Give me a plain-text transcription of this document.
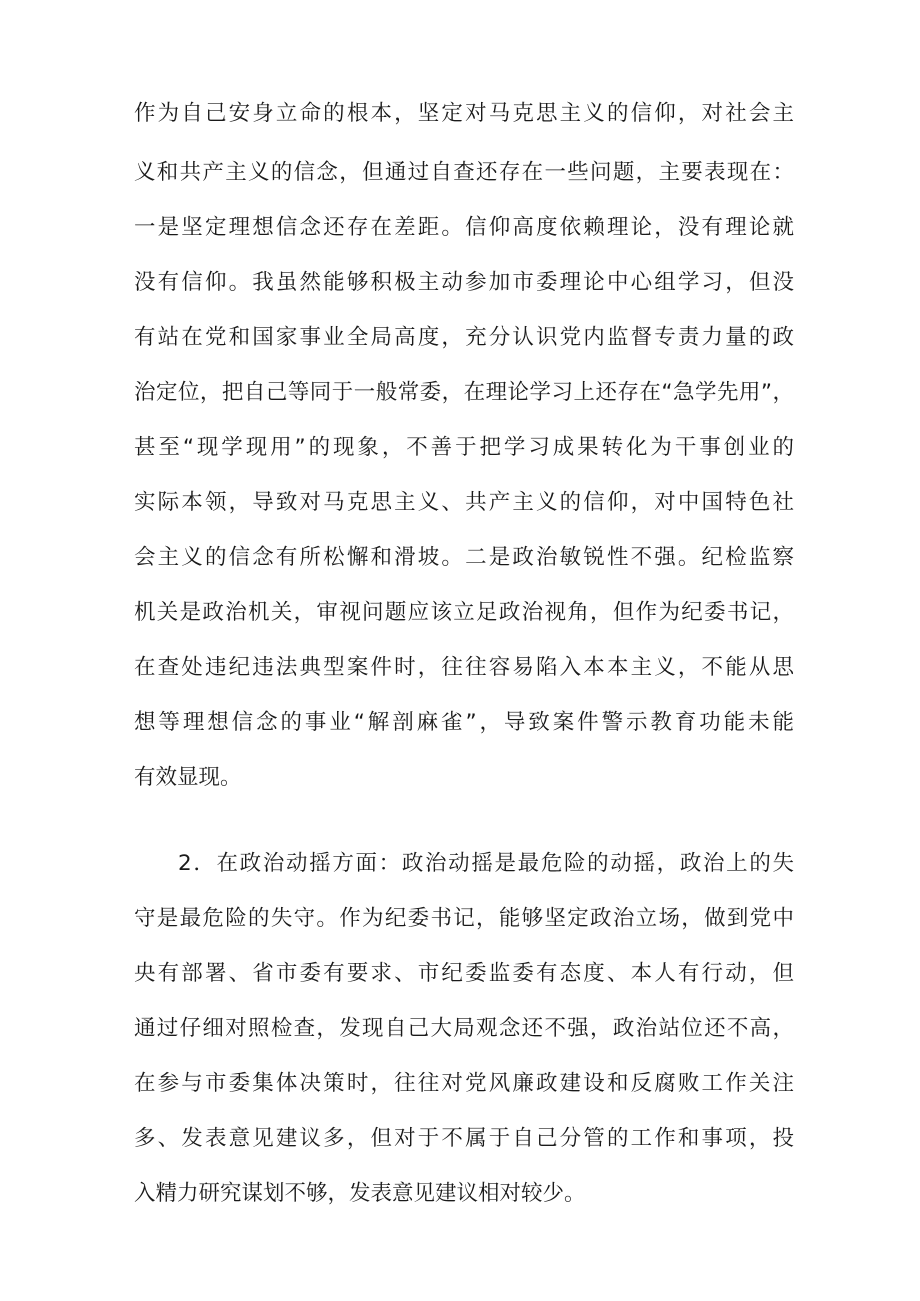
作为自己安身立命的根本，坚定对马克思主义的信仰，对社会主
义和共产主义的信念，但通过自查还存在一些问题，主要表现在：
一是坚定理想信念还存在差距。信仰高度依赖理论，没有理论就
没有信仰。我虽然能够积极主动参加市委理论中心组学习，但没
有站在党和国家事业全局高度，充分认识党内监督专责力量的政
治定位，把自己等同于一般常委，在理论学习上还存在“急学先用”，
甚至“现学现用”的现象，不善于把学习成果转化为干事创业的
实际本领，导致对马克思主义、共产主义的信仰，对中国特色社
会主义的信念有所松懈和滑坡。二是政治敏锐性不强。纪检监察
机关是政治机关，审视问题应该立足政治视角，但作为纪委书记，
在查处违纪违法典型案件时，往往容易陷入本本主义，不能从思
想等理想信念的事业“解剖麻雀”，导致案件警示教育功能未能
有效显现。
2．在政治动摇方面：政治动摇是最危险的动摇，政治上的失
守是最危险的失守。作为纪委书记，能够坚定政治立场，做到党中
央有部署、省市委有要求、市纪委监委有态度、本人有行动，但
通过仔细对照检查，发现自己大局观念还不强，政治站位还不高，
在参与市委集体决策时，往往对党风廉政建设和反腐败工作关注
多、发表意见建议多，但对于不属于自己分管的工作和事项，投
入精力研究谋划不够，发表意见建议相对较少。
